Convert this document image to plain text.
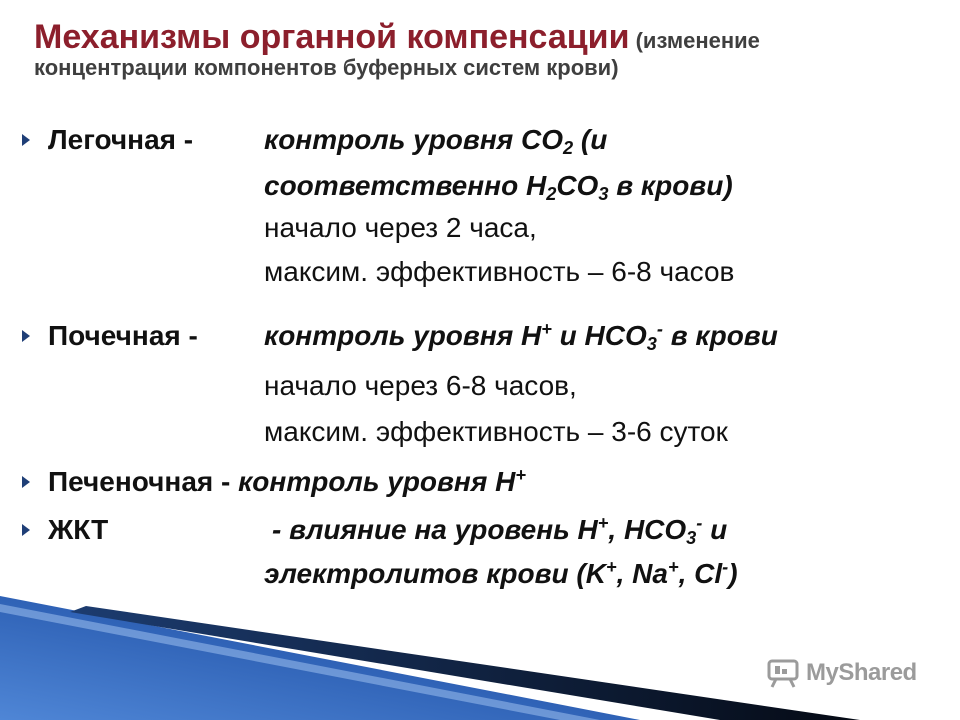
Механизмы органной компенсации (изменение
концентрации компонентов буферных систем крови)
Легочная -	контроль уровня $CO_2$ (и
соответственно $H_2CO_3$ в крови)
начало через 2 часа,
максим. эффективность – 6-8 часов
Почечная - контроль уровня H+ и $HCO_3^-$ в крови
начало через 6-8 часов,
максим. эффективность – 3-6 суток
Печеночная - контроль уровня H+
ЖКТ	- влияние на уровень H+, $HCO_3^-$ и
электролитов крови (K+, Na+, Cl-)
MyShared
